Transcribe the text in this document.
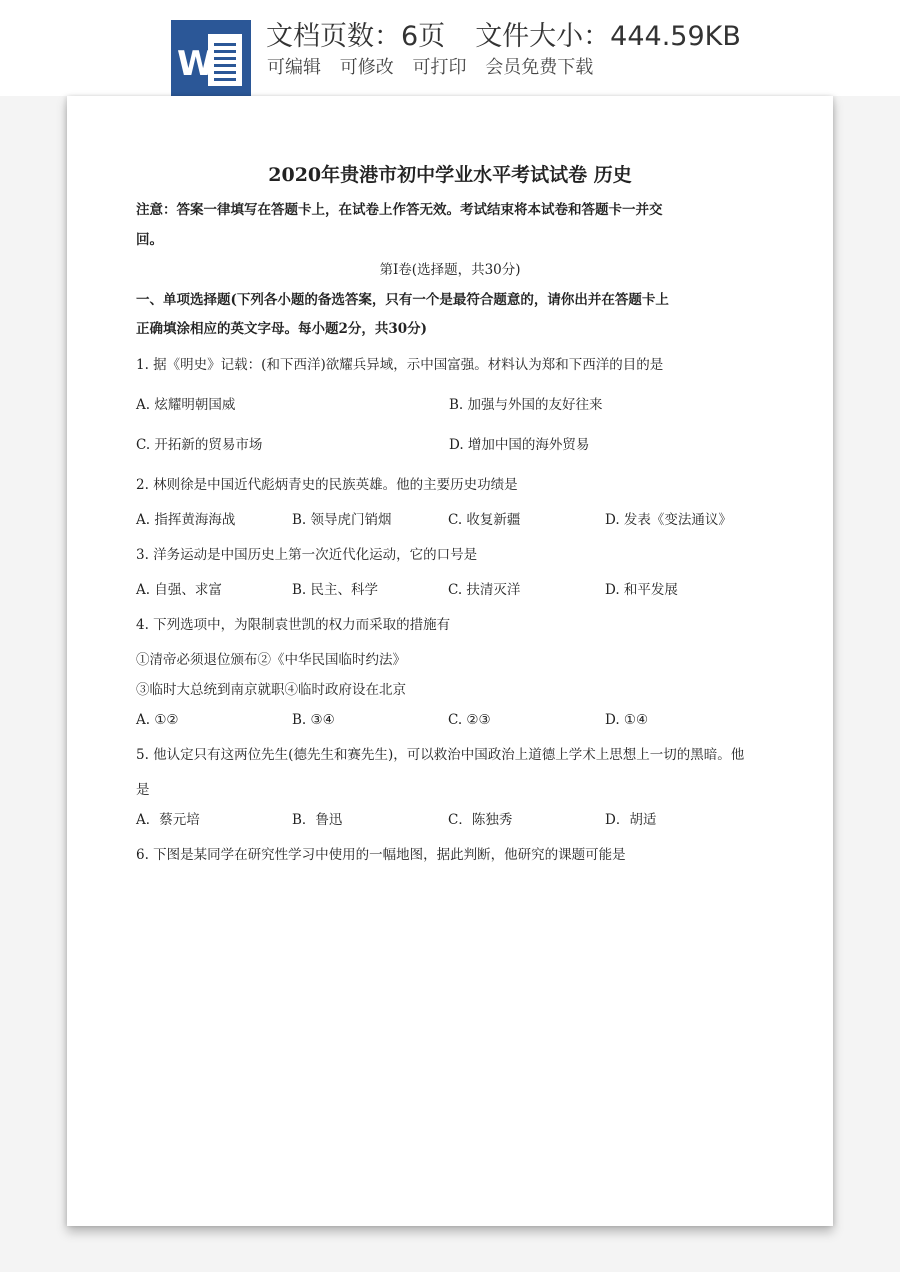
W
文档页数：6页 文件大小：444.59KB
可编辑 可修改 可打印 会员免费下载
2020年贵港市初中学业水平考试试卷 历史
注意：答案一律填写在答题卡上，在试卷上作答无效。考试结束将本试卷和答题卡一并交
回。
第Ⅰ卷(选择题，共30分)
一、单项选择题(下列各小题的备选答案，只有一个是最符合题意的，请你出并在答题卡上
正确填涂相应的英文字母。每小题2分，共30分)
1. 据《明史》记载：(和下西洋)欲耀兵异域，示中国富强。材料认为郑和下西洋的目的是
A. 炫耀明朝国威	B. 加强与外国的友好往来
C. 开拓新的贸易市场	D. 增加中国的海外贸易
2. 林则徐是中国近代彪炳青史的民族英雄。他的主要历史功绩是
A. 指挥黄海海战	B. 领导虎门销烟	C. 收复新疆	D. 发表《变法通议》
3. 洋务运动是中国历史上第一次近代化运动，它的口号是
A. 自强、求富	B. 民主、科学	C. 扶清灭洋	D. 和平发展
4. 下列选项中，为限制袁世凯的权力而采取的措施有
①清帝必须退位颁布②《中华民国临时约法》
③临时大总统到南京就职④临时政府设在北京
A. ①②	B. ③④	C. ②③	D. ①④
5. 他认定只有这两位先生(德先生和赛先生)，可以救治中国政治上道德上学术上思想上一切的黑暗。他
是
A．蔡元培	B．鲁迅	C．陈独秀	D．胡适
6. 下图是某同学在研究性学习中使用的一幅地图，据此判断，他研究的课题可能是
